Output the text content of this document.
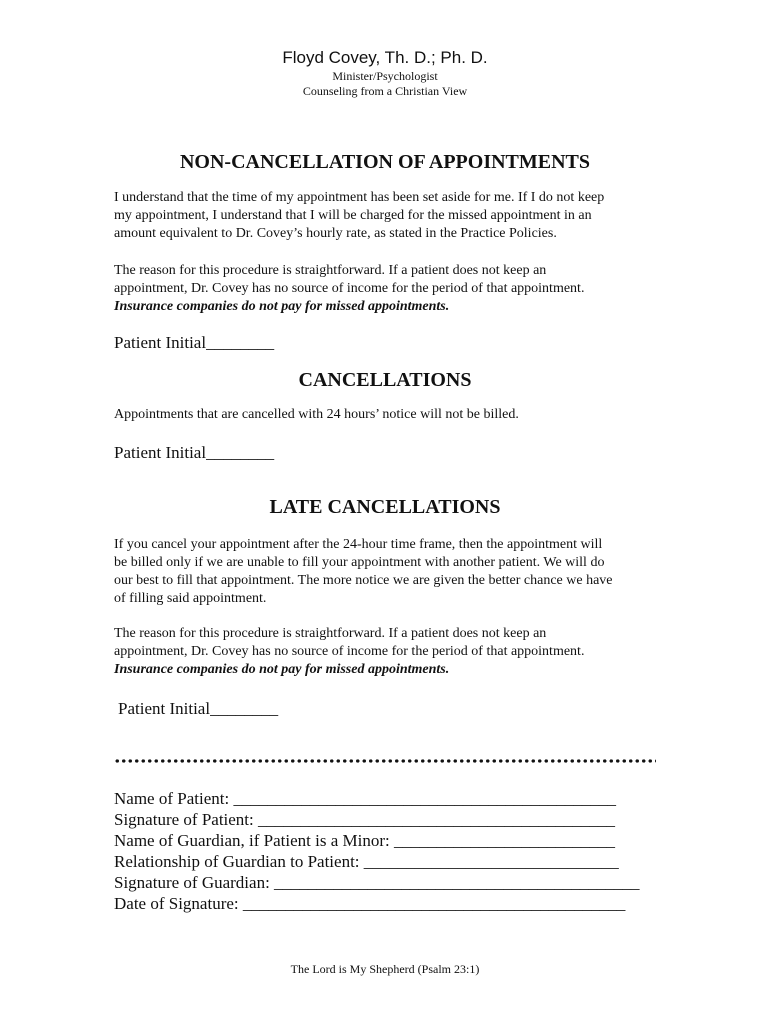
Floyd Covey, Th. D.; Ph. D.
Minister/Psychologist
Counseling from a Christian View
NON-CANCELLATION OF APPOINTMENTS
I understand that the time of my appointment has been set aside for me. If I do not keep
my appointment, I understand that I will be charged for the missed appointment in an
amount equivalent to Dr. Covey’s hourly rate, as stated in the Practice Policies.
The reason for this procedure is straightforward. If a patient does not keep an
appointment, Dr. Covey has no source of income for the period of that appointment.
Insurance companies do not pay for missed appointments.
Patient Initial________
CANCELLATIONS
Appointments that are cancelled with 24 hours’ notice will not be billed.
Patient Initial________
LATE CANCELLATIONS
If you cancel your appointment after the 24-hour time frame, then the appointment will
be billed only if we are unable to fill your appointment with another patient. We will do
our best to fill that appointment. The more notice we are given the better chance we have
of filling said appointment.
The reason for this procedure is straightforward. If a patient does not keep an
appointment, Dr. Covey has no source of income for the period of that appointment.
Insurance companies do not pay for missed appointments.
Patient Initial________
Name of Patient: _____________________________________________
Signature of Patient: __________________________________________
Name of Guardian, if Patient is a Minor: __________________________
Relationship of Guardian to Patient: ______________________________
Signature of Guardian: ___________________________________________
Date of Signature: _____________________________________________
The Lord is My Shepherd (Psalm 23:1)
